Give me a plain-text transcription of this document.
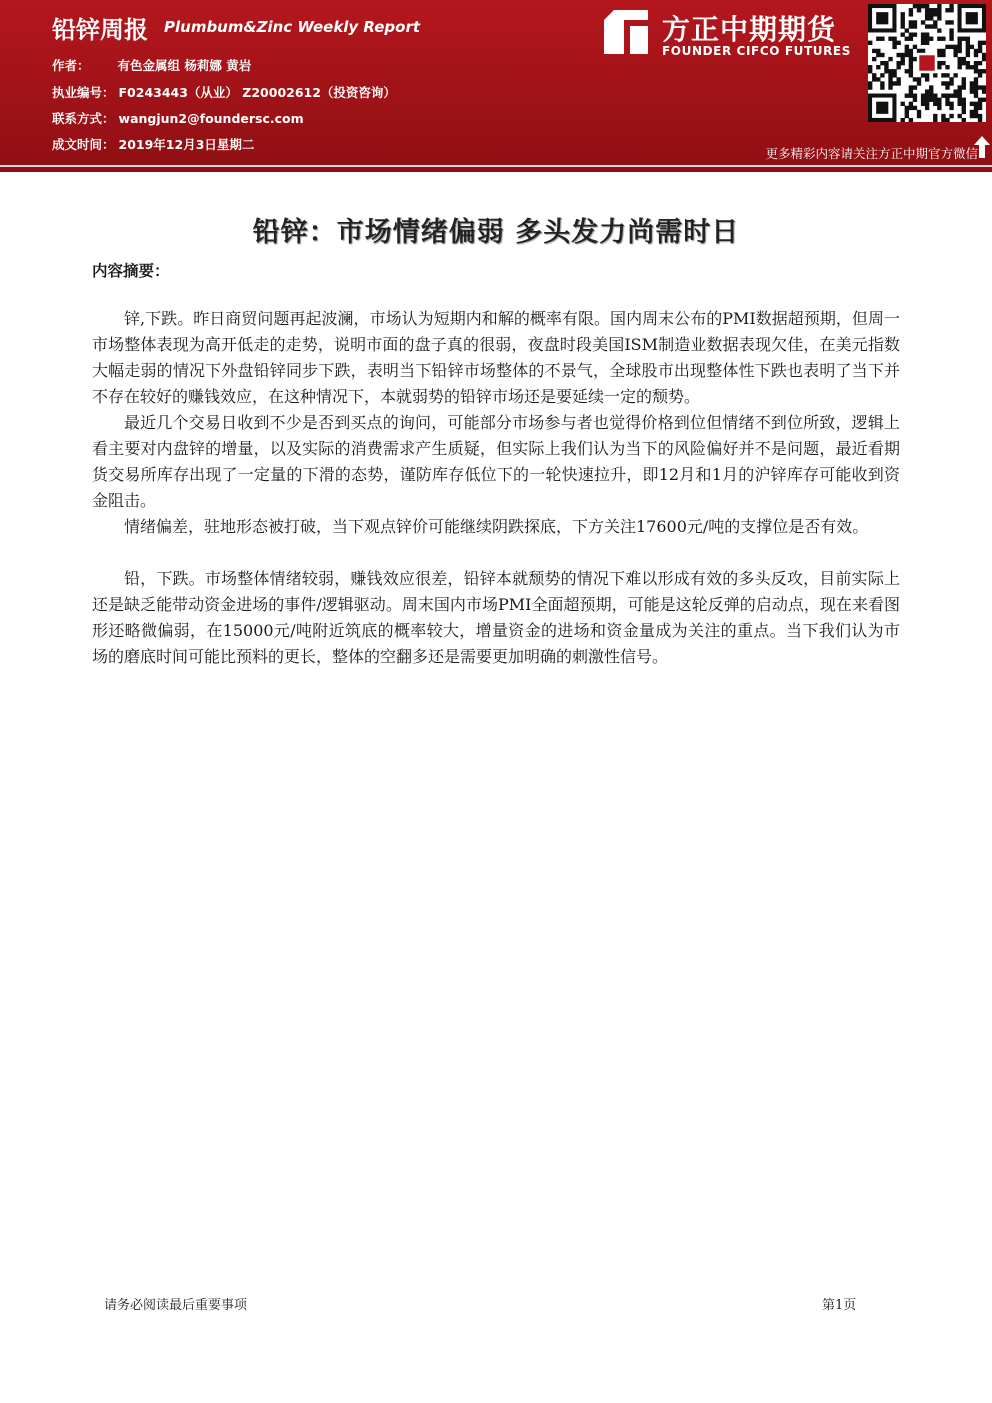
铅锌周报 Plumbum&Zinc Weekly Report
作者： 有色金属组 杨莉娜 黄岩
执业编号： F0243443（从业） Z20002612（投资咨询）
联系方式： wangjun2@foundersc.com
成文时间： 2019年12月3日星期二
方正中期期货
FOUNDER CIFCO FUTURES
更多精彩内容请关注方正中期官方微信
铅锌：市场情绪偏弱 多头发力尚需时日
内容摘要：

锌,下跌。昨日商贸问题再起波澜，市场认为短期内和解的概率有限。国内周末公布的PMI数据超预期，但周一市场整体表现为高开低走的走势，说明市面的盘子真的很弱，夜盘时段美国ISM制造业数据表现欠佳，在美元指数大幅走弱的情况下外盘铅锌同步下跌，表明当下铅锌市场整体的不景气，全球股市出现整体性下跌也表明了当下并不存在较好的赚钱效应，在这种情况下，本就弱势的铅锌市场还是要延续一定的颓势。

最近几个交易日收到不少是否到买点的询问，可能部分市场参与者也觉得价格到位但情绪不到位所致，逻辑上看主要对内盘锌的增量，以及实际的消费需求产生质疑，但实际上我们认为当下的风险偏好并不是问题，最近看期货交易所库存出现了一定量的下滑的态势，谨防库存低位下的一轮快速拉升，即12月和1月的沪锌库存可能收到资金阻击。

情绪偏差，驻地形态被打破，当下观点锌价可能继续阴跌探底，下方关注17600元/吨的支撑位是否有效。

铅，下跌。市场整体情绪较弱，赚钱效应很差，铅锌本就颓势的情况下难以形成有效的多头反攻，目前实际上还是缺乏能带动资金进场的事件/逻辑驱动。周末国内市场PMI全面超预期，可能是这轮反弹的启动点，现在来看图形还略微偏弱，在15000元/吨附近筑底的概率较大，增量资金的进场和资金量成为关注的重点。当下我们认为市场的磨底时间可能比预料的更长，整体的空翻多还是需要更加明确的刺激性信号。

请务必阅读最后重要事项	第1页
